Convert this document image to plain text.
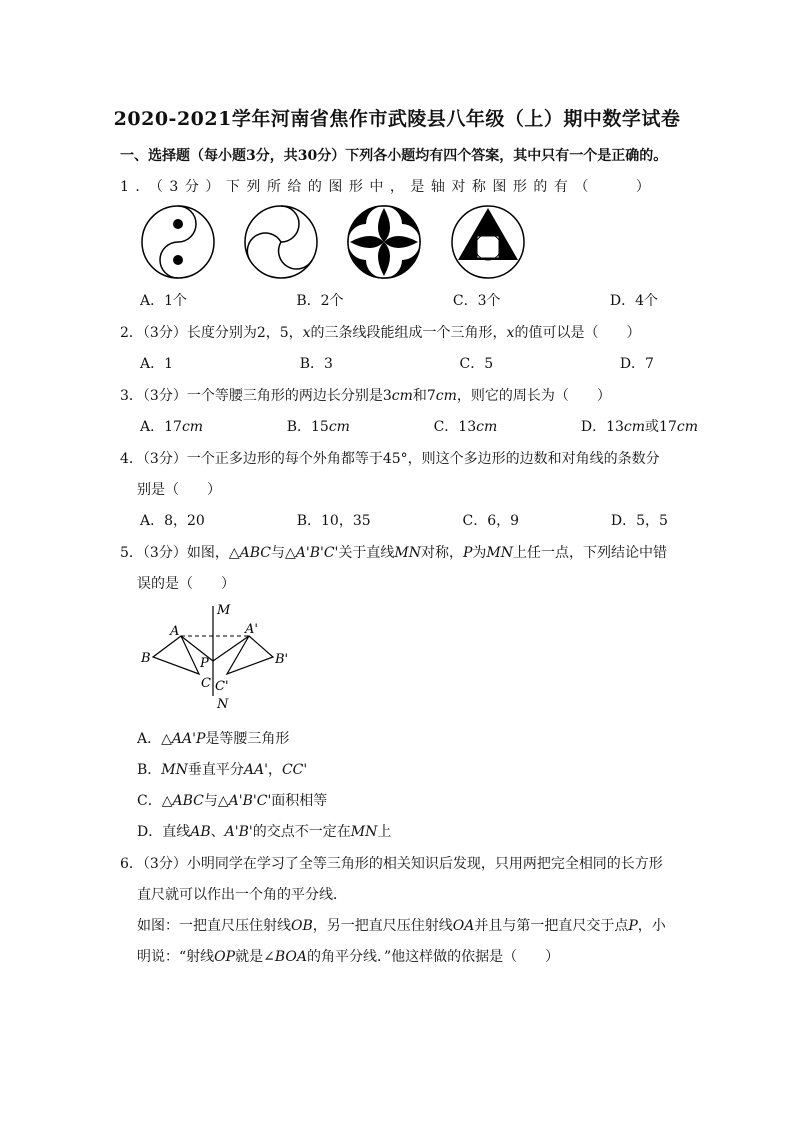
2020-2021学年河南省焦作市武陵县八年级（上）期中数学试卷
一、选择题（每小题3分，共30分）下列各小题均有四个答案，其中只有一个是正确的。
1．（3分）下列所给的图形中，是轴对称图形的有（　　）
A．1个	B．2个	C．3个	D．4个
2．（3分）长度分别为2，5，x的三条线段能组成一个三角形，x的值可以是（　　）
A．1	B．3	C．5	D．7
3．（3分）一个等腰三角形的两边长分别是3cm和7cm，则它的周长为（　　）
A．17cm	B．15cm	C．13cm	D．13cm或17cm
4．（3分）一个正多边形的每个外角都等于45°，则这个多边形的边数和对角线的条数分
别是（　　）
A．8，20	B．10，35	C．6，9	D．5，5
5．（3分）如图，△ABC与△A'B'C'关于直线MN对称，P为MN上任一点，下列结论中错
误的是（　　）
M
N
A	A'
B	B'
P
C C'
A．△AA'P是等腰三角形
B．MN垂直平分AA'，CC'
C．△ABC与△A'B'C'面积相等
D．直线AB、A'B'的交点不一定在MN上
6．（3分）小明同学在学习了全等三角形的相关知识后发现，只用两把完全相同的长方形
直尺就可以作出一个角的平分线．
如图：一把直尺压住射线OB，另一把直尺压住射线OA并且与第一把直尺交于点P，小
明说：“射线OP就是∠BOA的角平分线．”他这样做的依据是（　　）
